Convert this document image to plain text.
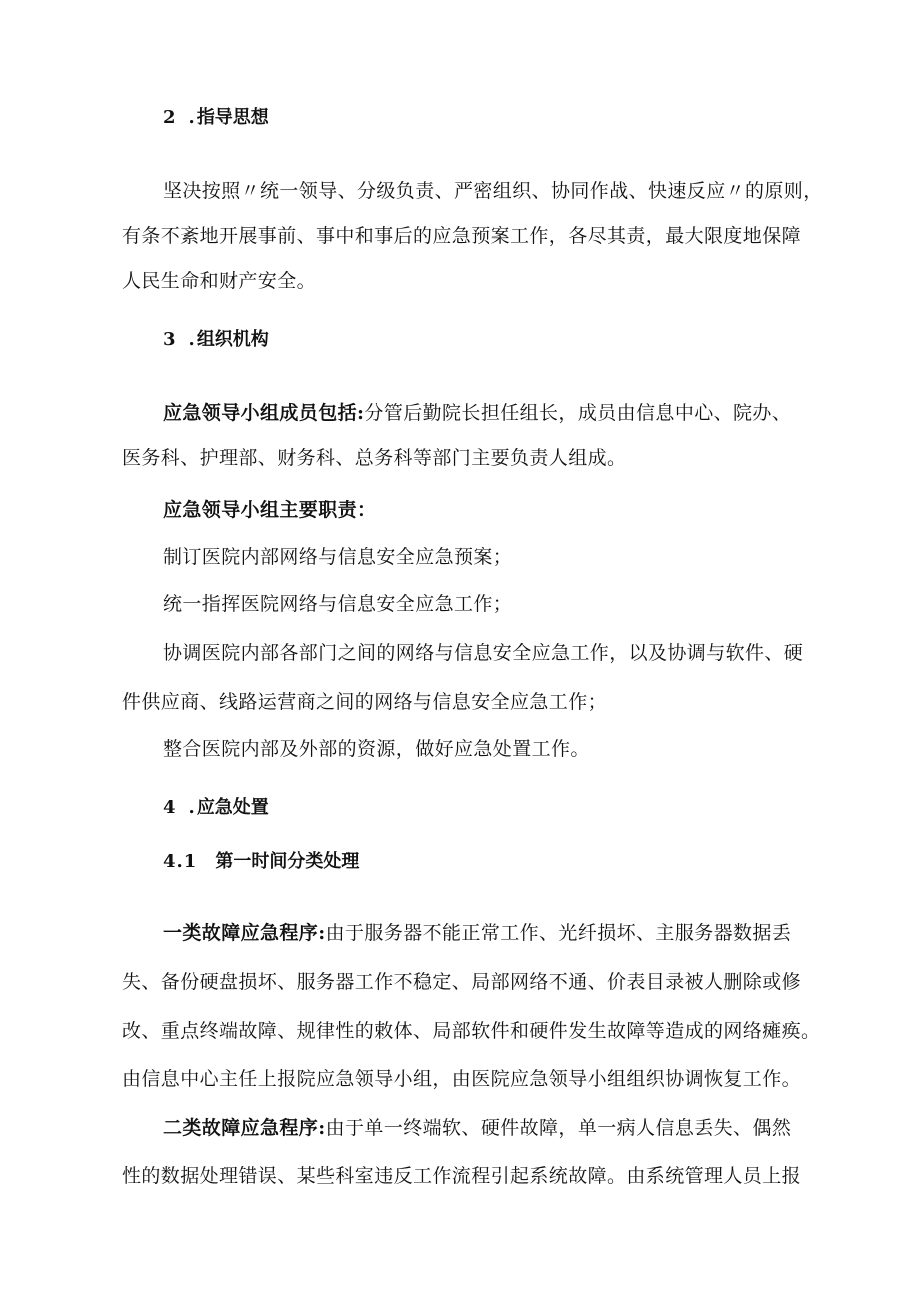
2 . 指导思想
坚决按照〃统一领导、分级负责、严密组织、协同作战、快速反应〃的原则，
有条不紊地开展事前、事中和事后的应急预案工作，各尽其责，最大限度地保障
人民生命和财产安全。
3 . 组织机构
应急领导小组成员包括:分管后勤院长担任组长，成员由信息中心、院办、
医务科、护理部、财务科、总务科等部门主要负责人组成。
应急领导小组主要职责：
制订医院内部网络与信息安全应急预案；
统一指挥医院网络与信息安全应急工作；
协调医院内部各部门之间的网络与信息安全应急工作，以及协调与软件、硬
件供应商、线路运营商之间的网络与信息安全应急工作；
整合医院内部及外部的资源，做好应急处置工作。
4 . 应急处置
4.1 第一时间分类处理
一类故障应急程序:由于服务器不能正常工作、光纤损坏、主服务器数据丢
失、备份硬盘损坏、服务器工作不稳定、局部网络不通、价表目录被人删除或修
改、重点终端故障、规律性的敕体、局部软件和硬件发生故障等造成的网络瘫痪。
由信息中心主任上报院应急领导小组，由医院应急领导小组组织协调恢复工作。
二类故障应急程序:由于单一终端软、硬件故障，单一病人信息丢失、偶然
性的数据处理错误、某些科室违反工作流程引起系统故障。由系统管理人员上报
